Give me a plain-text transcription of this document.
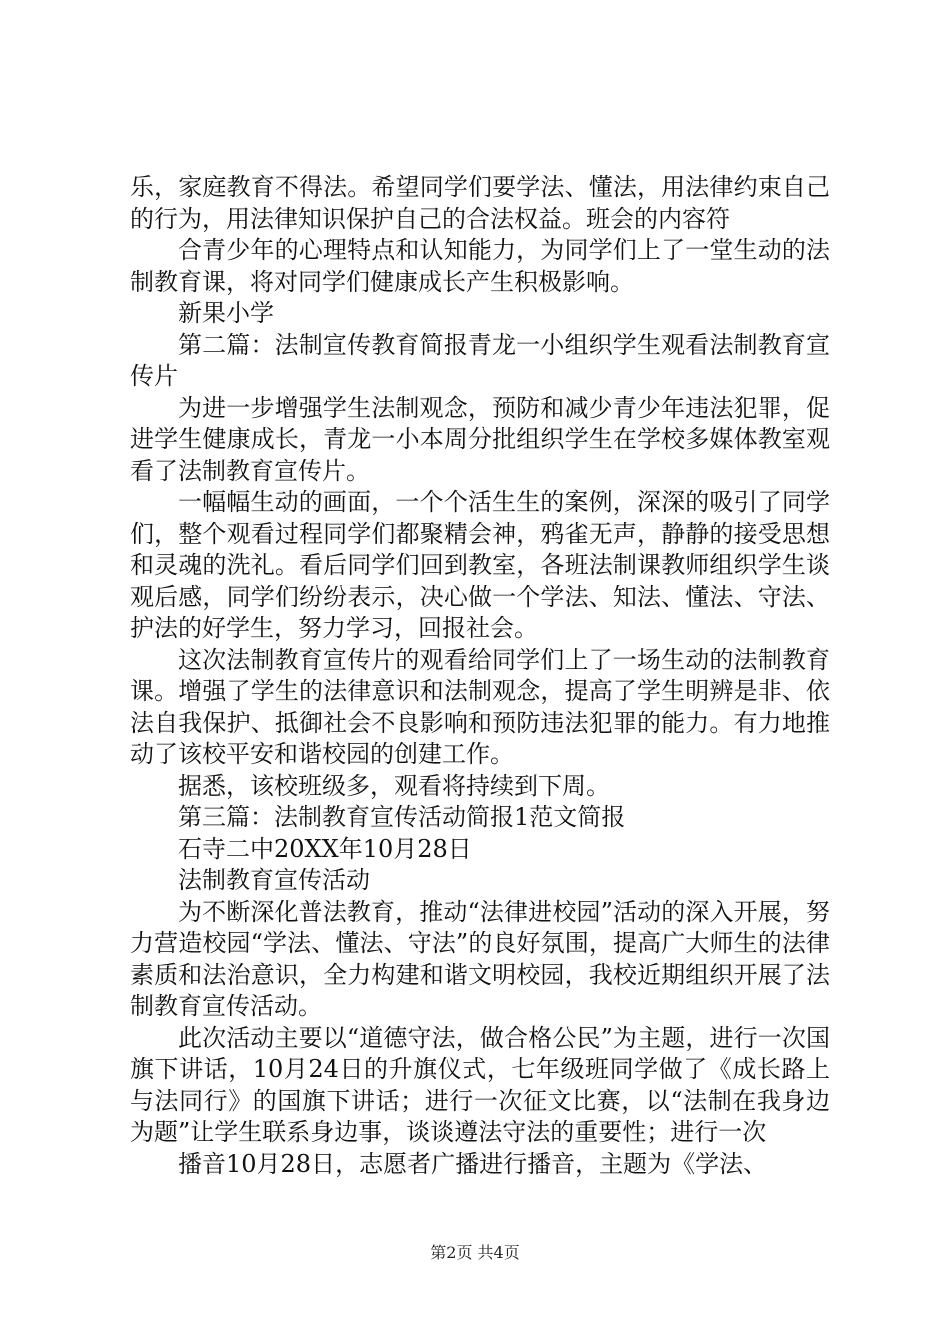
乐，家庭教育不得法。希望同学们要学法、懂法，用法律约束自己的行为，用法律知识保护自己的合法权益。班会的内容符

合青少年的心理特点和认知能力，为同学们上了一堂生动的法制教育课，将对同学们健康成长产生积极影响。

新果小学

第二篇：法制宣传教育简报青龙一小组织学生观看法制教育宣传片

为进一步增强学生法制观念，预防和减少青少年违法犯罪，促进学生健康成长，青龙一小本周分批组织学生在学校多媒体教室观看了法制教育宣传片。

一幅幅生动的画面，一个个活生生的案例，深深的吸引了同学们，整个观看过程同学们都聚精会神，鸦雀无声，静静的接受思想和灵魂的洗礼。看后同学们回到教室，各班法制课教师组织学生谈观后感，同学们纷纷表示，决心做一个学法、知法、懂法、守法、护法的好学生，努力学习，回报社会。

这次法制教育宣传片的观看给同学们上了一场生动的法制教育课。增强了学生的法律意识和法制观念，提高了学生明辨是非、依法自我保护、抵御社会不良影响和预防违法犯罪的能力。有力地推动了该校平安和谐校园的创建工作。

据悉，该校班级多，观看将持续到下周。

第三篇：法制教育宣传活动简报1范文简报

石寺二中20XX年10月28日

法制教育宣传活动

为不断深化普法教育，推动“法律进校园”活动的深入开展，努力营造校园“学法、懂法、守法”的良好氛围，提高广大师生的法律素质和法治意识，全力构建和谐文明校园，我校近期组织开展了法制教育宣传活动。

此次活动主要以“道德守法，做合格公民”为主题，进行一次国旗下讲话，10月24日的升旗仪式，七年级班同学做了《成长路上与法同行》的国旗下讲话；进行一次征文比赛，以“法制在我身边为题”让学生联系身边事，谈谈遵法守法的重要性；进行一次

播音10月28日，志愿者广播进行播音，主题为《学法、

第2页 共4页
